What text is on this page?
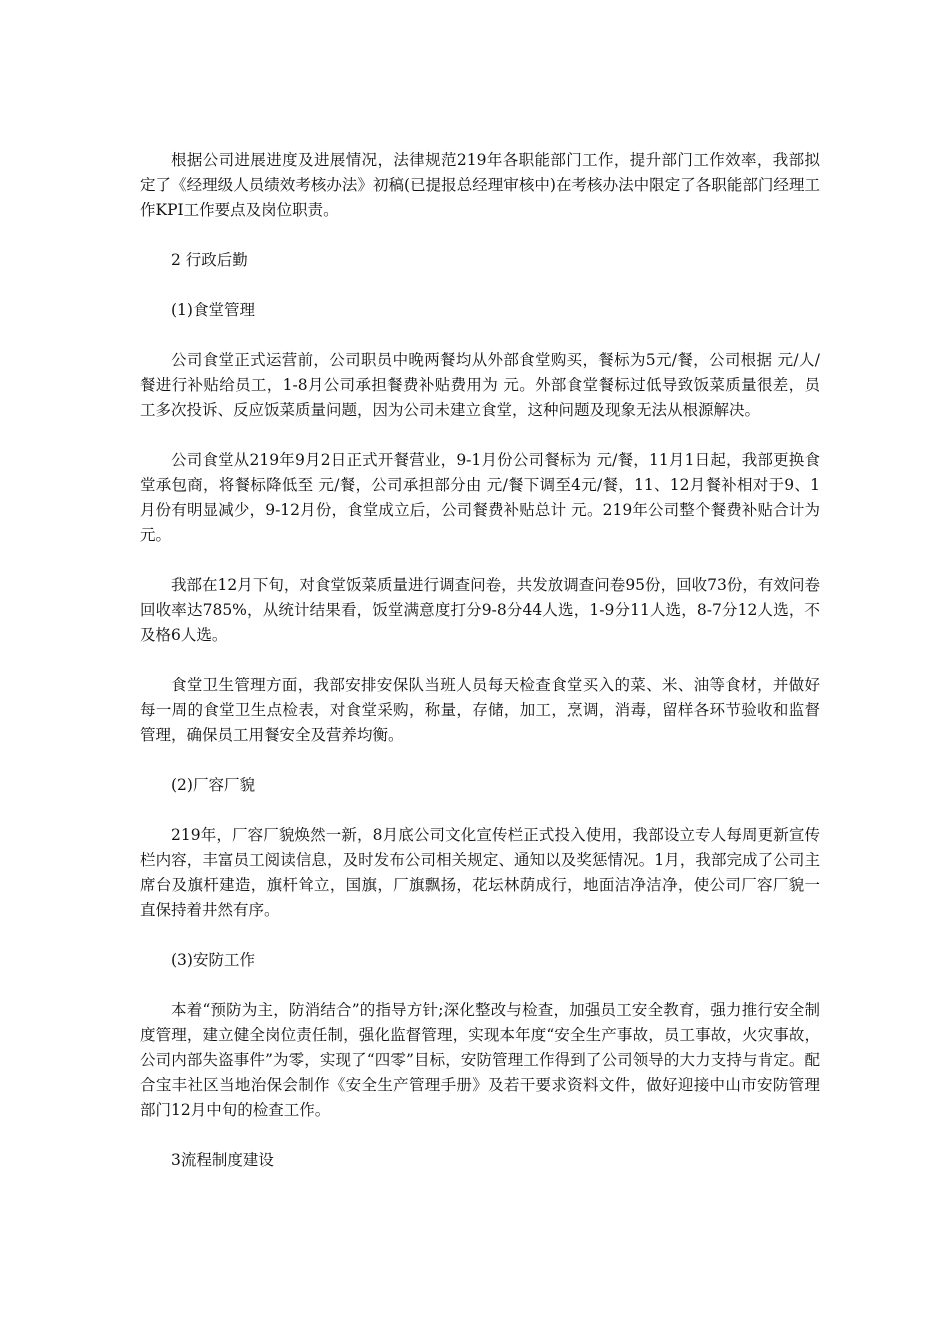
根据公司进展进度及进展情况，法律规范219年各职能部门工作，提升部门工作效率，我部拟定了《经理级人员绩效考核办法》初稿(已提报总经理审核中)在考核办法中限定了各职能部门经理工作KPI工作要点及岗位职责。

2 行政后勤

(1)食堂管理

公司食堂正式运营前，公司职员中晚两餐均从外部食堂购买，餐标为5元/餐，公司根据 元/人/餐进行补贴给员工，1-8月公司承担餐费补贴费用为 元。外部食堂餐标过低导致饭菜质量很差，员工多次投诉、反应饭菜质量问题，因为公司未建立食堂，这种问题及现象无法从根源解决。

公司食堂从219年9月2日正式开餐营业，9-1月份公司餐标为 元/餐，11月1日起，我部更换食堂承包商，将餐标降低至 元/餐，公司承担部分由 元/餐下调至4元/餐，11、12月餐补相对于9、1月份有明显减少，9-12月份，食堂成立后，公司餐费补贴总计 元。219年公司整个餐费补贴合计为 元。

我部在12月下旬，对食堂饭菜质量进行调查问卷，共发放调查问卷95份，回收73份，有效问卷回收率达785%，从统计结果看，饭堂满意度打分9-8分44人选，1-9分11人选，8-7分12人选，不及格6人选。

食堂卫生管理方面，我部安排安保队当班人员每天检查食堂买入的菜、米、油等食材，并做好每一周的食堂卫生点检表，对食堂采购，称量，存储，加工，烹调，消毒，留样各环节验收和监督管理，确保员工用餐安全及营养均衡。

(2)厂容厂貌

219年，厂容厂貌焕然一新，8月底公司文化宣传栏正式投入使用，我部设立专人每周更新宣传栏内容，丰富员工阅读信息，及时发布公司相关规定、通知以及奖惩情况。1月，我部完成了公司主席台及旗杆建造，旗杆耸立，国旗，厂旗飘扬，花坛林荫成行，地面洁净洁净，使公司厂容厂貌一直保持着井然有序。

(3)安防工作

本着“预防为主，防消结合”的指导方针;深化整改与检查，加强员工安全教育，强力推行安全制度管理，建立健全岗位责任制，强化监督管理，实现本年度“安全生产事故，员工事故，火灾事故，公司内部失盗事件”为零，实现了“四零”目标，安防管理工作得到了公司领导的大力支持与肯定。配合宝丰社区当地治保会制作《安全生产管理手册》及若干要求资料文件，做好迎接中山市安防管理部门12月中旬的检查工作。

3流程制度建设
